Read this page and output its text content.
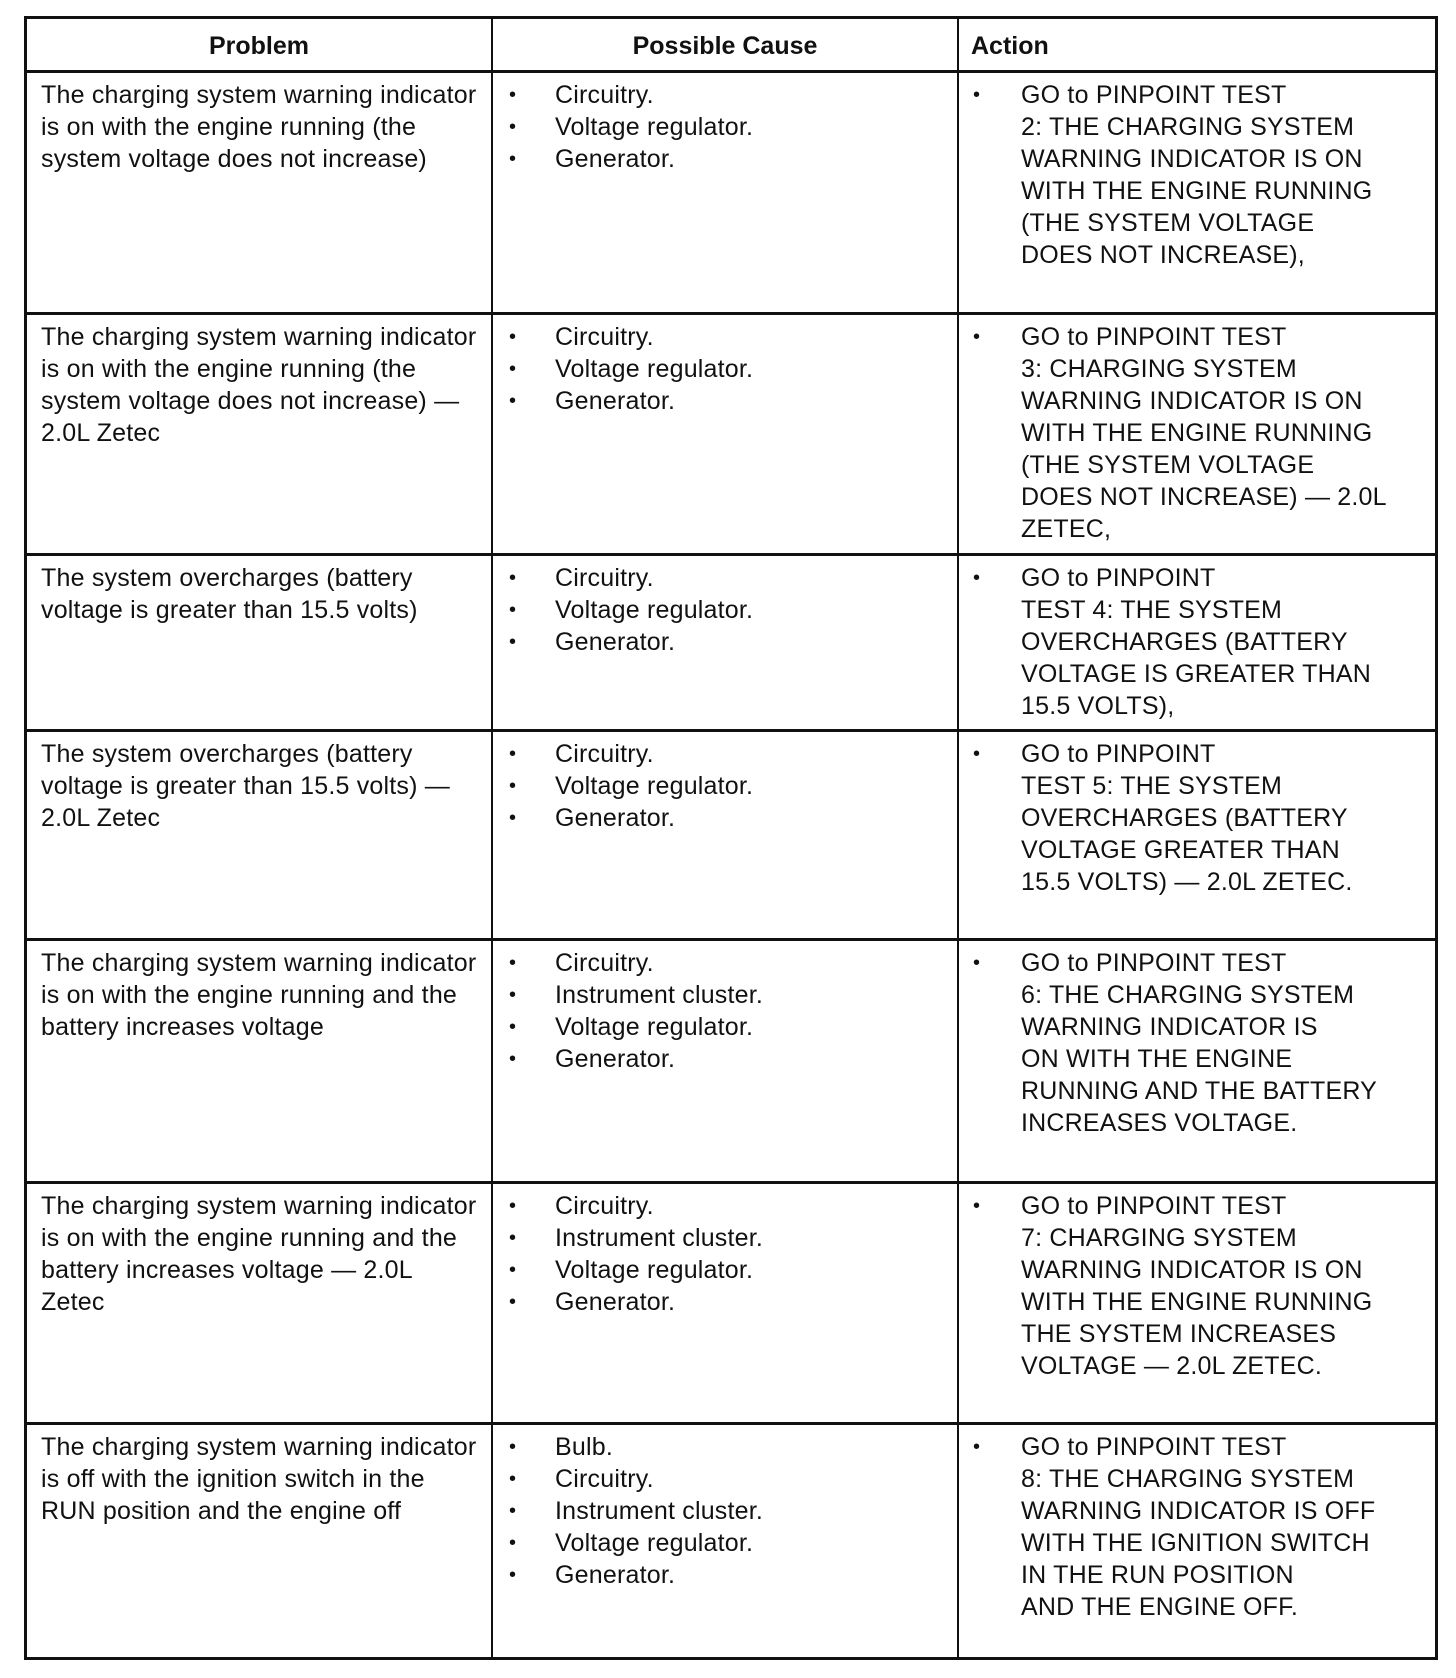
Problem	Possible Cause	Action
The charging system warning indicator is on with the engine running (the system voltage does not increase)
• Circuitry.
• Voltage regulator.
• Generator.
• GO to PINPOINT TEST
2: THE CHARGING SYSTEM
WARNING INDICATOR IS ON
WITH THE ENGINE RUNNING
(THE SYSTEM VOLTAGE
DOES NOT INCREASE),
The charging system warning indicator is on with the engine running (the system voltage does not increase) — 2.0L Zetec
• Circuitry.
• Voltage regulator.
• Generator.
• GO to PINPOINT TEST
3: CHARGING SYSTEM
WARNING INDICATOR IS ON
WITH THE ENGINE RUNNING
(THE SYSTEM VOLTAGE
DOES NOT INCREASE) — 2.0L
ZETEC,
The system overcharges (battery voltage is greater than 15.5 volts)
• Circuitry.
• Voltage regulator.
• Generator.
• GO to PINPOINT
TEST 4: THE SYSTEM
OVERCHARGES (BATTERY
VOLTAGE IS GREATER THAN
15.5 VOLTS),
The system overcharges (battery voltage is greater than 15.5 volts) — 2.0L Zetec
• Circuitry.
• Voltage regulator.
• Generator.
• GO to PINPOINT
TEST 5: THE SYSTEM
OVERCHARGES (BATTERY
VOLTAGE GREATER THAN
15.5 VOLTS) — 2.0L ZETEC.
The charging system warning indicator is on with the engine running and the battery increases voltage
• Circuitry.
• Instrument cluster.
• Voltage regulator.
• Generator.
• GO to PINPOINT TEST
6: THE CHARGING SYSTEM
WARNING INDICATOR IS
ON WITH THE ENGINE
RUNNING AND THE BATTERY
INCREASES VOLTAGE.
The charging system warning indicator is on with the engine running and the battery increases voltage — 2.0L Zetec
• Circuitry.
• Instrument cluster.
• Voltage regulator.
• Generator.
• GO to PINPOINT TEST
7: CHARGING SYSTEM
WARNING INDICATOR IS ON
WITH THE ENGINE RUNNING
THE SYSTEM INCREASES
VOLTAGE — 2.0L ZETEC.
The charging system warning indicator is off with the ignition switch in the RUN position and the engine off
• Bulb.
• Circuitry.
• Instrument cluster.
• Voltage regulator.
• Generator.
• GO to PINPOINT TEST
8: THE CHARGING SYSTEM
WARNING INDICATOR IS OFF
WITH THE IGNITION SWITCH
IN THE RUN POSITION
AND THE ENGINE OFF.
